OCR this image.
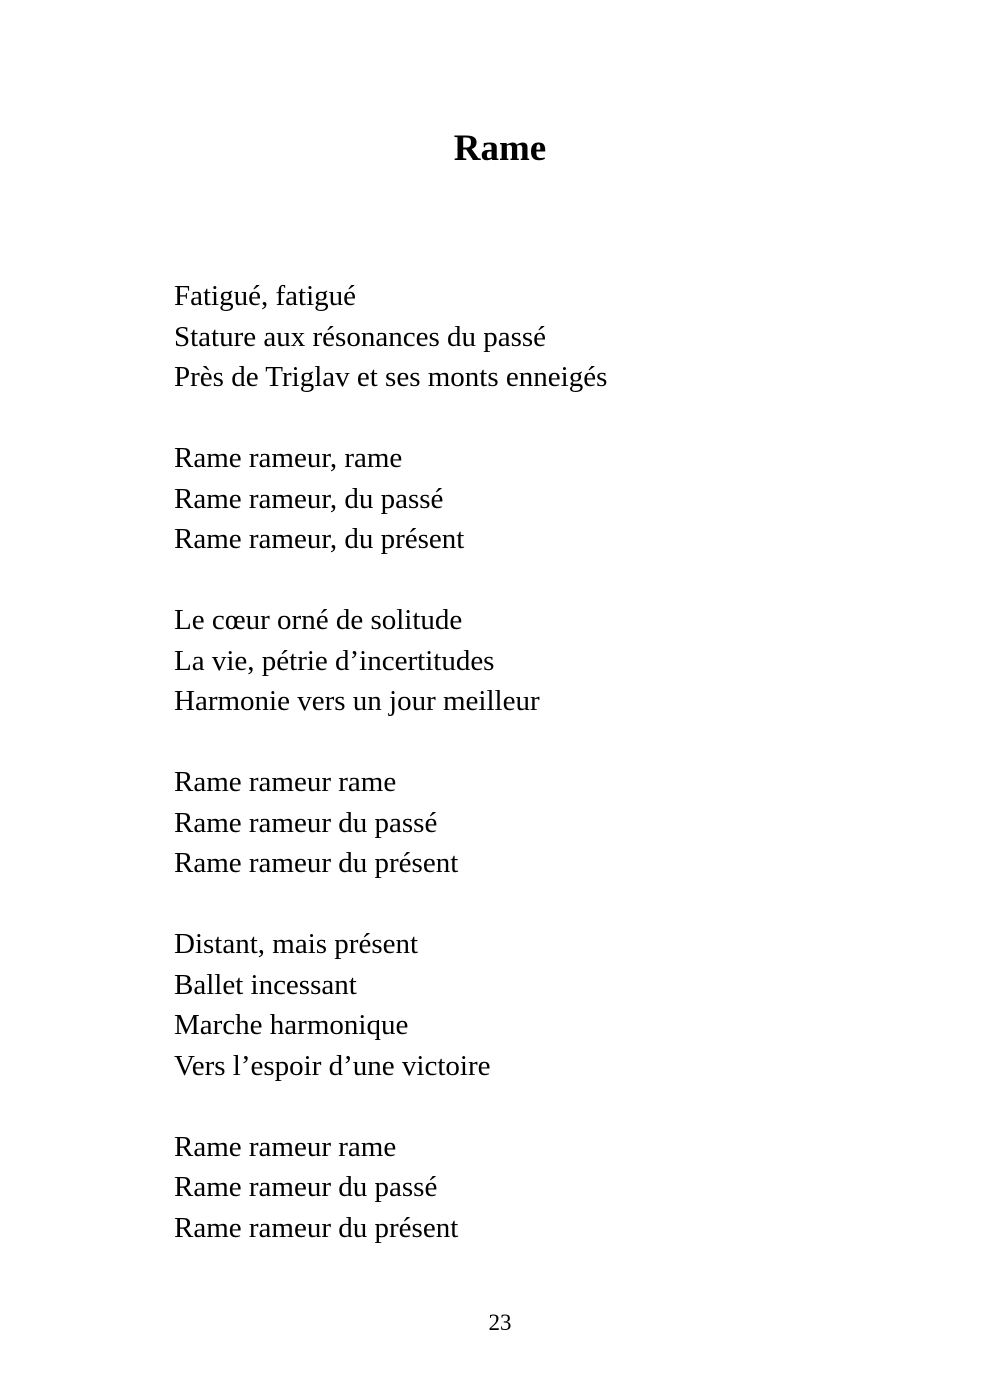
Rame
Fatigué, fatigué
Stature aux résonances du passé
Près de Triglav et ses monts enneigés
Rame rameur, rame
Rame rameur, du passé
Rame rameur, du présent
Le cœur orné de solitude
La vie, pétrie d’incertitudes
Harmonie vers un jour meilleur
Rame rameur rame
Rame rameur du passé
Rame rameur du présent
Distant, mais présent
Ballet incessant
Marche harmonique
Vers l’espoir d’une victoire
Rame rameur rame
Rame rameur du passé
Rame rameur du présent
23
